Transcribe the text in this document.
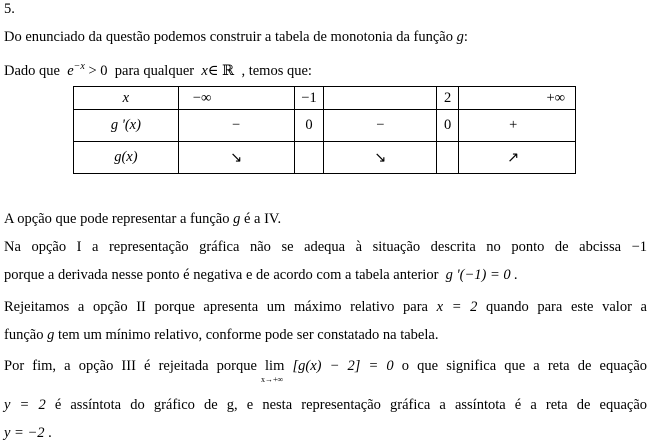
5.
Do enunciado da questão podemos construir a tabela de monotonia da função g:
Dado que $e^{-x} > 0$ para qualquer x∈ ℝ , temos que:
x	−∞	−1		2	+∞
g '(x)	−	0	−	0	+
g(x)	↘		↘		↗
A opção que pode representar a função g é a IV.
Na opção I a representação gráfica não se adequa à situação descrita no ponto de abcissa −1
porque a derivada nesse ponto é negativa e de acordo com a tabela anterior g '(−1) = 0 .
Rejeitamos a opção II porque apresenta um máximo relativo para x = 2 quando para este valor a
função g tem um mínimo relativo, conforme pode ser constatado na tabela.
Por fim, a opção III é rejeitada porque lim
x→+∞
[g(x) − 2] = 0 o que significa que a reta de equação
y = 2 é assíntota do gráfico de g, e nesta representação gráfica a assíntota é a reta de equação
y = −2 .
